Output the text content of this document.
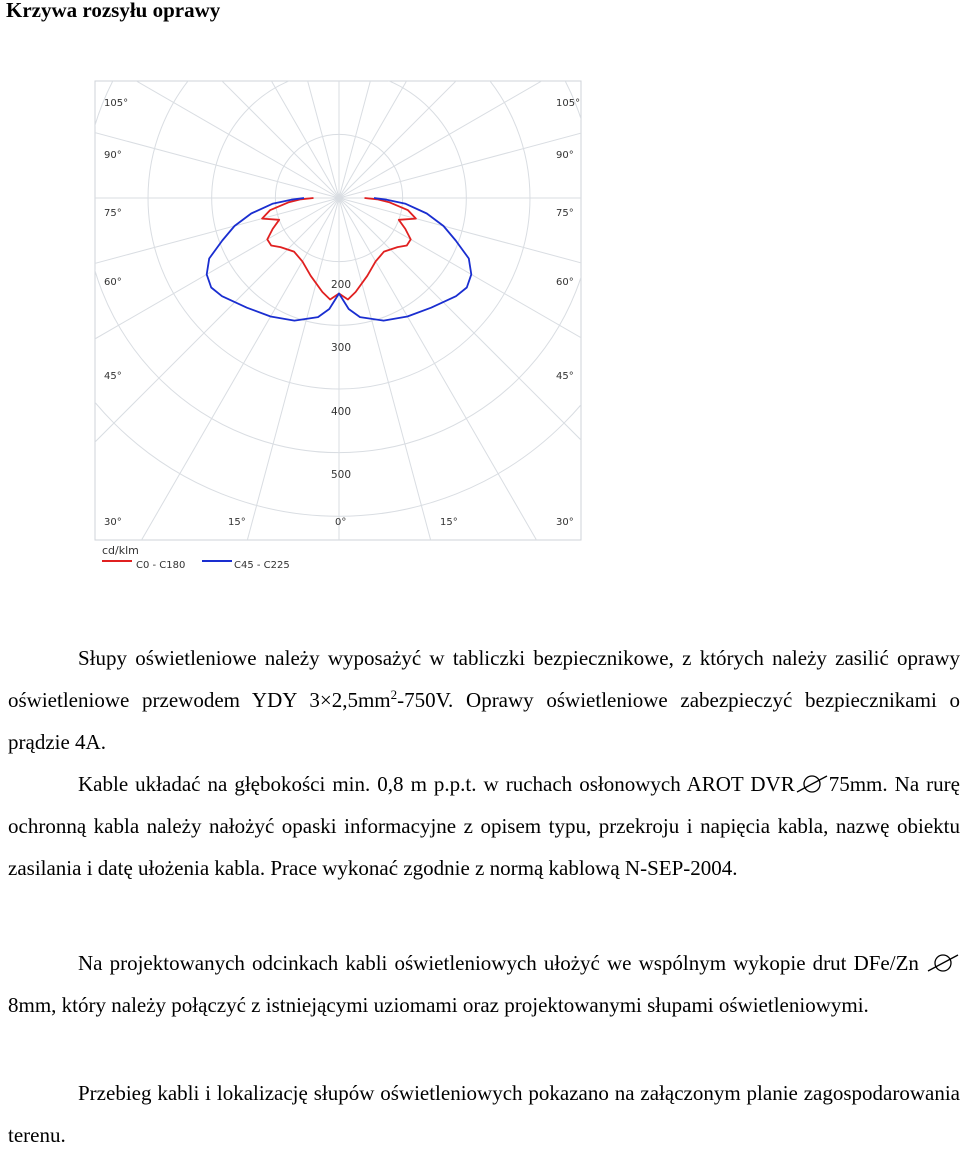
Krzywa rozsyłu oprawy
105°
90°
75°
60°
45°
30°
105°
90°
75°
60°
45°
30°
15°	0°	15°
200
300
400
500
cd/klm
C0 - C180	C45 - C225

Słupy oświetleniowe należy wyposażyć w tabliczki bezpiecznikowe, z których należy zasilić oprawy oświetleniowe przewodem YDY $3\times 2,5mm^2-750V$. Oprawy oświetleniowe zabezpieczyć bezpiecznikami o prądzie 4A.

Kable układać na głębokości min. 0,8 m p.p.t. w ruchach osłonowych AROT DVR 75mm. Na rurę ochronną kabla należy nałożyć opaski informacyjne z opisem typu, przekroju i napięcia kabla, nazwę obiektu zasilania i datę ułożenia kabla. Prace wykonać zgodnie z normą kablową N-SEP-2004.

Na projektowanych odcinkach kabli oświetleniowych ułożyć we wspólnym wykopie drut DFe/Zn 8mm, który należy połączyć z istniejącymi uziomami oraz projektowanymi słupami oświetleniowymi.

Przebieg kabli i lokalizację słupów oświetleniowych pokazano na załączonym planie zagospodarowania terenu.
